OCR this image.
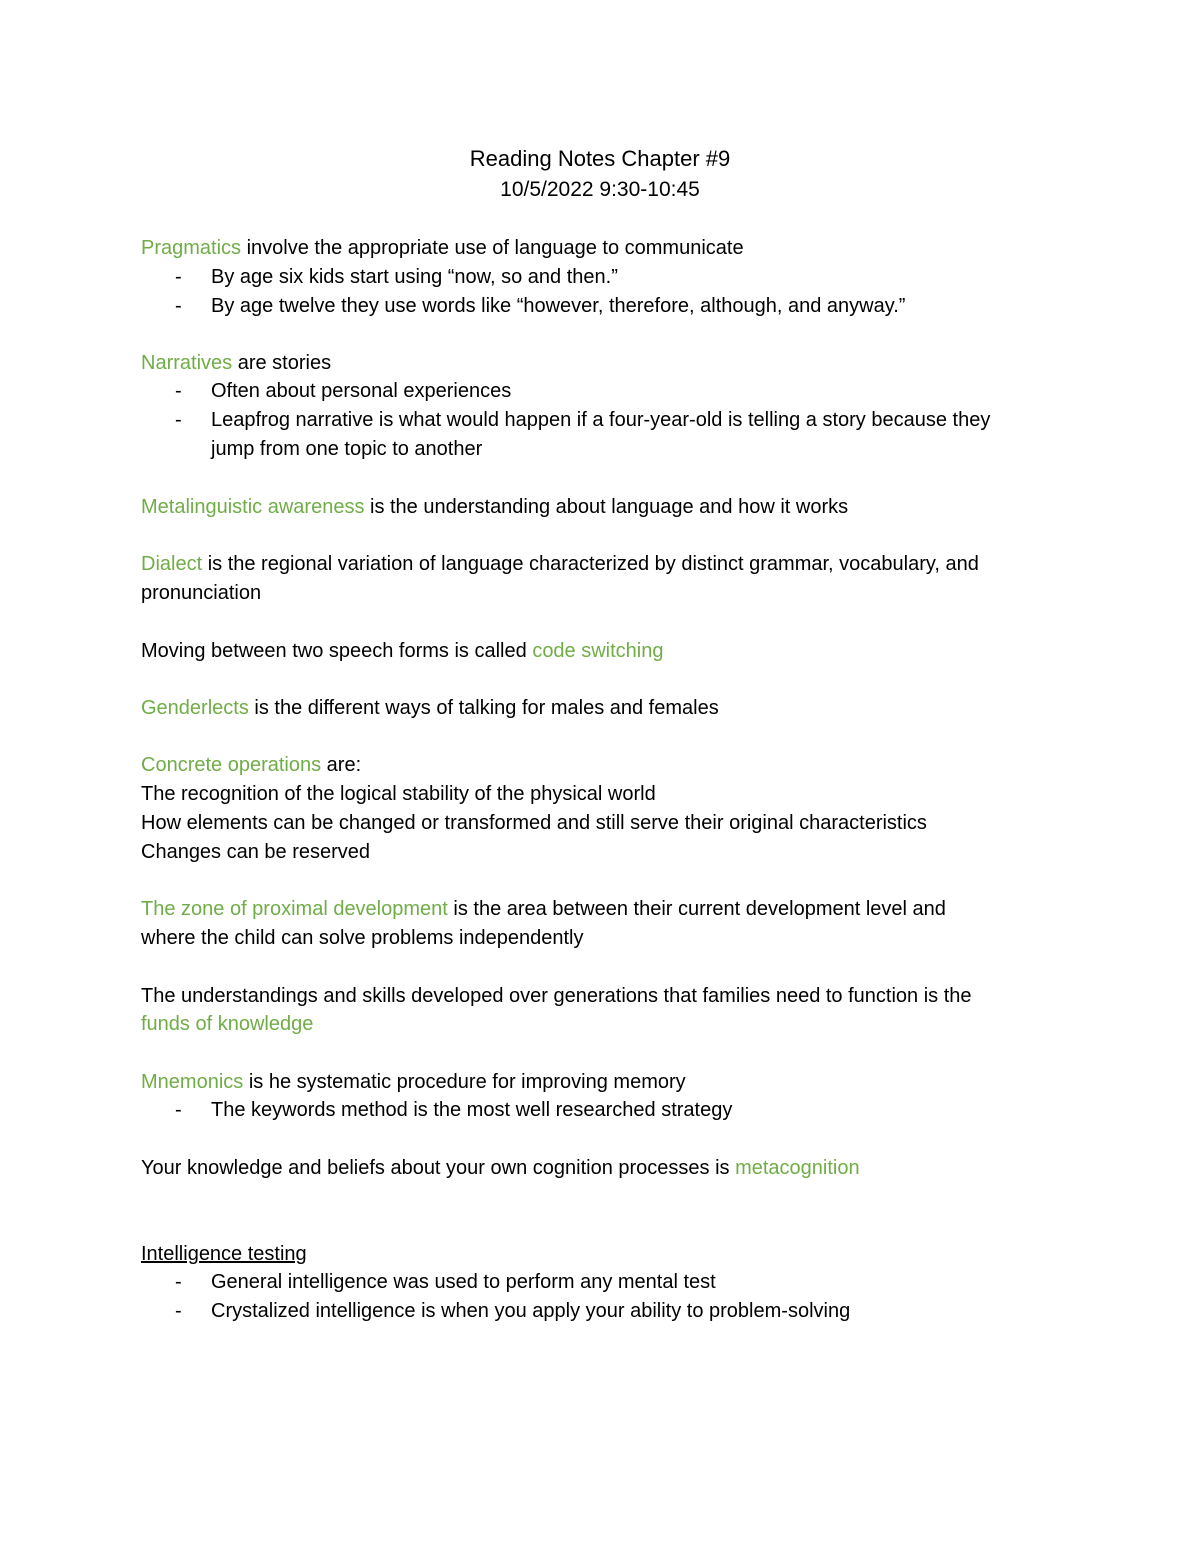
Reading Notes Chapter #9
10/5/2022 9:30-10:45
Pragmatics involve the appropriate use of language to communicate
- By age six kids start using “now, so and then.”
- By age twelve they use words like “however, therefore, although, and anyway.”
Narratives are stories
- Often about personal experiences
- Leapfrog narrative is what would happen if a four-year-old is telling a story because they
jump from one topic to another
Metalinguistic awareness is the understanding about language and how it works
Dialect is the regional variation of language characterized by distinct grammar, vocabulary, and
pronunciation
Moving between two speech forms is called code switching
Genderlects is the different ways of talking for males and females
Concrete operations are:
The recognition of the logical stability of the physical world
How elements can be changed or transformed and still serve their original characteristics
Changes can be reserved
The zone of proximal development is the area between their current development level and
where the child can solve problems independently
The understandings and skills developed over generations that families need to function is the
funds of knowledge
Mnemonics is he systematic procedure for improving memory
- The keywords method is the most well researched strategy
Your knowledge and beliefs about your own cognition processes is metacognition
Intelligence testing
- General intelligence was used to perform any mental test
- Crystalized intelligence is when you apply your ability to problem-solving
